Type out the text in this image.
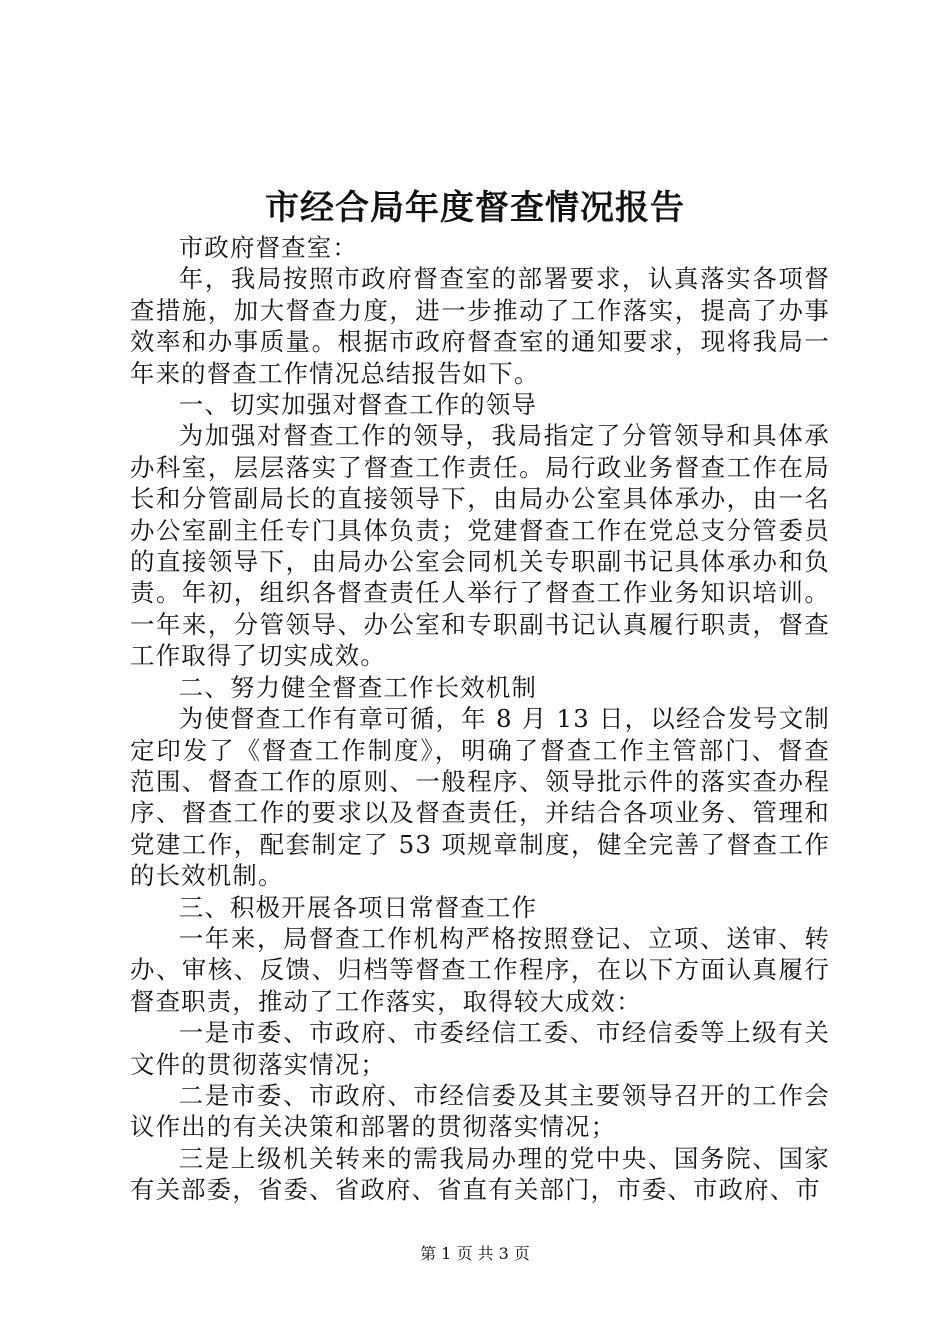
市经合局年度督查情况报告

市政府督查室：

年，我局按照市政府督查室的部署要求，认真落实各项督查措施，加大督查力度，进一步推动了工作落实，提高了办事效率和办事质量。根据市政府督查室的通知要求，现将我局一年来的督查工作情况总结报告如下。

一、切实加强对督查工作的领导

为加强对督查工作的领导，我局指定了分管领导和具体承办科室，层层落实了督查工作责任。局行政业务督查工作在局长和分管副局长的直接领导下，由局办公室具体承办，由一名办公室副主任专门具体负责；党建督查工作在党总支分管委员的直接领导下，由局办公室会同机关专职副书记具体承办和负责。年初，组织各督查责任人举行了督查工作业务知识培训。一年来，分管领导、办公室和专职副书记认真履行职责，督查工作取得了切实成效。

二、努力健全督查工作长效机制

为使督查工作有章可循，年 8 月 13 日，以经合发号文制定印发了《督查工作制度》，明确了督查工作主管部门、督查范围、督查工作的原则、一般程序、领导批示件的落实查办程序、督查工作的要求以及督查责任，并结合各项业务、管理和党建工作，配套制定了 53 项规章制度，健全完善了督查工作的长效机制。

三、积极开展各项日常督查工作

一年来，局督查工作机构严格按照登记、立项、送审、转办、审核、反馈、归档等督查工作程序，在以下方面认真履行督查职责，推动了工作落实，取得较大成效：

一是市委、市政府、市委经信工委、市经信委等上级有关文件的贯彻落实情况；

二是市委、市政府、市经信委及其主要领导召开的工作会议作出的有关决策和部署的贯彻落实情况；

三是上级机关转来的需我局办理的党中央、国务院、国家有关部委，省委、省政府、省直有关部门，市委、市政府、市

第 1 页 共 3 页
